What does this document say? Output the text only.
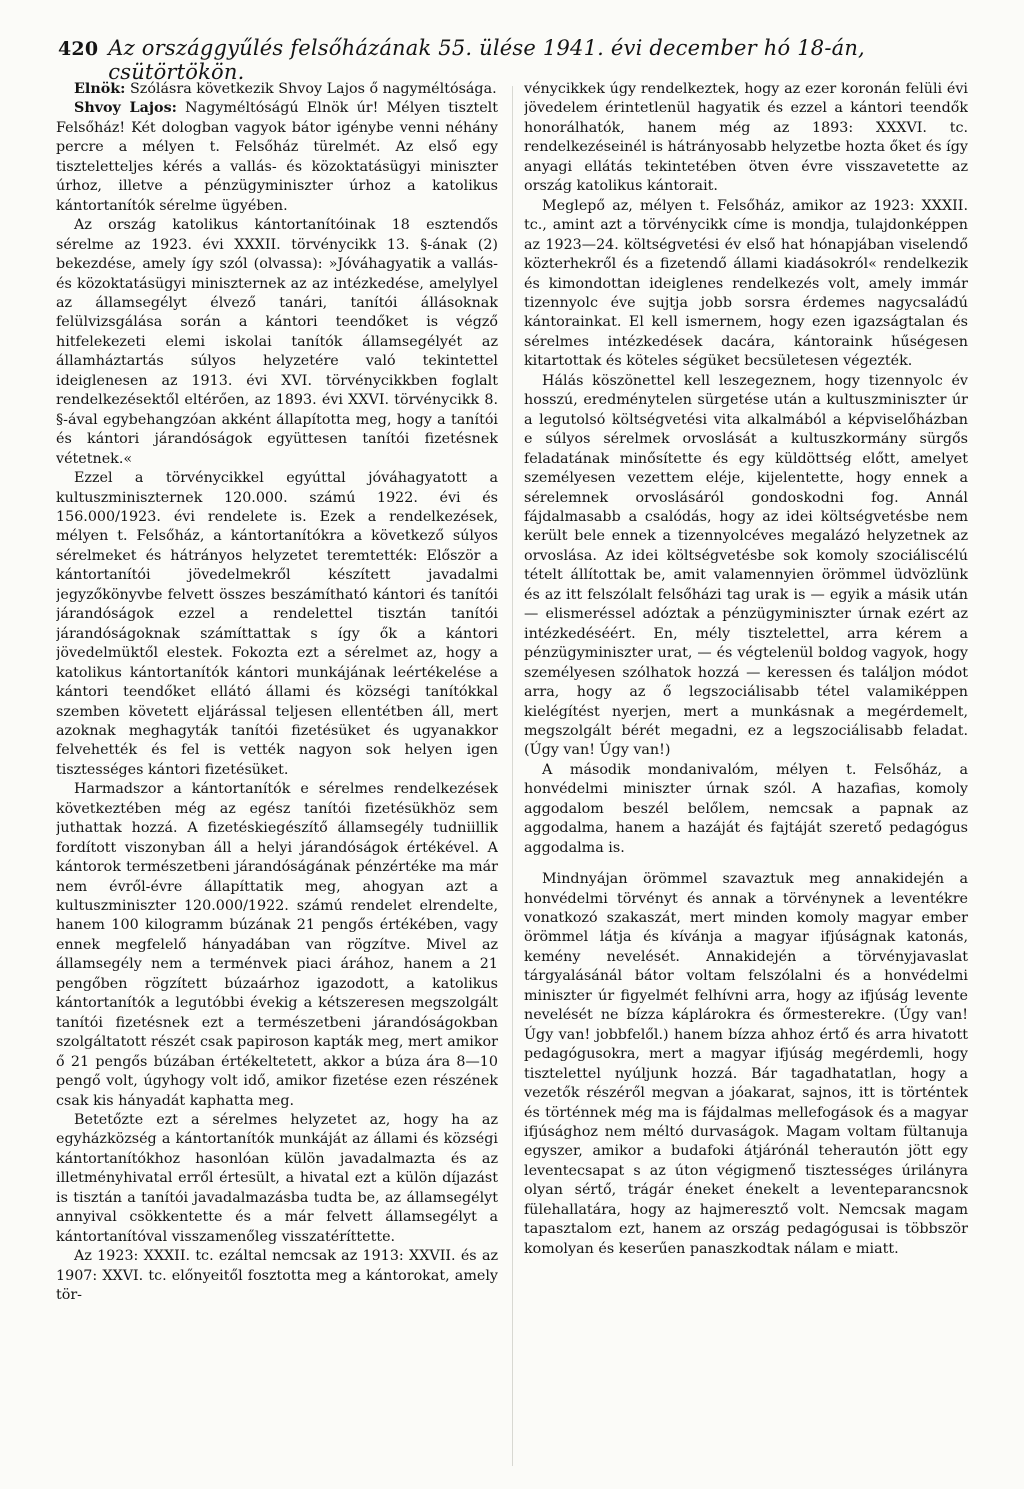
420 Az országgyűlés felsőházának 55. ülése 1941. évi december hó 18-án, csütörtökön.

Elnök: Szólásra következik Shvoy Lajos ő nagyméltósága.

Shvoy Lajos: Nagyméltóságú Elnök úr! Mélyen tisztelt Felsőház! Két dologban vagyok bátor igénybe venni néhány percre a mélyen t. Felsőház türelmét. Az első egy tiszteletteljes kérés a vallás- és közoktatásügyi miniszter úrhoz, illetve a pénzügyminiszter úrhoz a katolikus kántortanítók sérelme ügyében.

Az ország katolikus kántortanítóinak 18 esztendős sérelme az 1923. évi XXXII. törvénycikk 13. §-ának (2) bekezdése, amely így szól (olvassa): »Jóváhagyatik a vallás- és közoktatásügyi miniszternek az az intézkedése, amelylyel az államsegélyt élvező tanári, tanítói állásoknak felülvizsgálása során a kántori teendőket is végző hitfelekezeti elemi iskolai tanítók államsegélyét az államháztartás súlyos helyzetére való tekintettel ideiglenesen az 1913. évi XVI. törvénycikkben foglalt rendelkezésektől eltérően, az 1893. évi XXVI. törvénycikk 8. §-ával egybehangzóan akként állapította meg, hogy a tanítói és kántori járandóságok együttesen tanítói fizetésnek vétetnek.«

Ezzel a törvénycikkel egyúttal jóváhagyatott a kultuszminiszternek 120.000. számú 1922. évi és 156.000/1923. évi rendelete is. Ezek a rendelkezések, mélyen t. Felsőház, a kántortanítókra a következő súlyos sérelmeket és hátrányos helyzetet teremtették: Először a kántortanítói jövedelmekről készített javadalmi jegyzőkönyvbe felvett összes beszámítható kántori és tanítói járandóságok ezzel a rendelettel tisztán tanítói járandóságoknak számíttattak s így ők a kántori jövedelmüktől elestek. Fokozta ezt a sérelmet az, hogy a katolikus kántortanítók kántori munkájának leértékelése a kántori teendőket ellátó állami és községi tanítókkal szemben követett eljárással teljesen ellentétben áll, mert azoknak meghagyták tanítói fizetésüket és ugyanakkor felvehették és fel is vették nagyon sok helyen igen tisztességes kántori fizetésüket.

Harmadszor a kántortanítók e sérelmes rendelkezések következtében még az egész tanítói fizetésükhöz sem juthattak hozzá. A fizetéskiegészítő államsegély tudniillik fordított viszonyban áll a helyi járandóságok értékével. A kántorok természetbeni járandóságának pénzértéke ma már nem évről-évre állapíttatik meg, ahogyan azt a kultuszminiszter 120.000/1922. számú rendelet elrendelte, hanem 100 kilogramm búzának 21 pengős értékében, vagy ennek megfelelő hányadában van rögzítve. Mivel az államsegély nem a terménvek piaci árához, hanem a 21 pengőben rögzített búzaárhoz igazodott, a katolikus kántortanítók a legutóbbi évekig a kétszeresen megszolgált tanítói fizetésnek ezt a természetbeni járandóságokban szolgáltatott részét csak papiroson kapták meg, mert amikor ő 21 pengős búzában értékeltetett, akkor a búza ára 8—10 pengő volt, úgyhogy volt idő, amikor fizetése ezen részének csak kis hányadát kaphatta meg.

Betetőzte ezt a sérelmes helyzetet az, hogy ha az egyházközség a kántortanítók munkáját az állami és községi kántortanítókhoz hasonlóan külön javadalmazta és az illetményhivatal erről értesült, a hivatal ezt a külön díjazást is tisztán a tanítói javadalmazásba tudta be, az államsegélyt annyival csökkentette és a már felvett államsegélyt a kántortanítóval visszamenőleg visszatéríttette.

Az 1923: XXXII. tc. ezáltal nemcsak az 1913: XXVII. és az 1907: XXVI. tc. előnyeitől fosztotta meg a kántorokat, amely tör-

vénycikkek úgy rendelkeztek, hogy az ezer koronán felüli évi jövedelem érintetlenül hagyatik és ezzel a kántori teendők honorálhatók, hanem még az 1893: XXXVI. tc. rendelkezéseinél is hátrányosabb helyzetbe hozta őket és így anyagi ellátás tekintetében ötven évre visszavetette az ország katolikus kántorait.

Meglepő az, mélyen t. Felsőház, amikor az 1923: XXXII. tc., amint azt a törvénycikk címe is mondja, tulajdonképpen az 1923—24. költségvetési év első hat hónapjában viselendő közterhekről és a fizetendő állami kiadásokról« rendelkezik és kimondottan ideiglenes rendelkezés volt, amely immár tizennyolc éve sujtja jobb sorsra érdemes nagycsaládú kántorainkat. El kell ismernem, hogy ezen igazságtalan és sérelmes intézkedések dacára, kántoraink hűségesen kitartottak és köteles ségüket becsületesen végezték.

Hálás köszönettel kell leszegeznem, hogy tizennyolc év hosszú, eredménytelen sürgetése után a kultuszminiszter úr a legutolsó költségvetési vita alkalmából a képviselőházban e súlyos sérelmek orvoslását a kultuszkormány sürgős feladatának minősítette és egy küldöttség előtt, amelyet személyesen vezettem eléje, kijelentette, hogy ennek a sérelemnek orvoslásáról gondoskodni fog. Annál fájdalmasabb a csalódás, hogy az idei költségvetésbe nem került bele ennek a tizennyolcéves megalázó helyzetnek az orvoslása. Az idei költségvetésbe sok komoly szociáliscélú tételt állítottak be, amit valamennyien örömmel üdvözlünk és az itt felszólalt felsőházi tag urak is — egyik a másik után — elismeréssel adóztak a pénzügyminiszter úrnak ezért az intézkedéséért. En, mély tisztelettel, arra kérem a pénzügyminiszter urat, — és végtelenül boldog vagyok, hogy személyesen szólhatok hozzá — keressen és találjon módot arra, hogy az ő legszociálisabb tétel valamiképpen kielégítést nyerjen, mert a munkásnak a megérdemelt, megszolgált bérét megadni, ez a legszociálisabb feladat. (Úgy van! Úgy van!)

A második mondanivalóm, mélyen t. Felsőház, a honvédelmi miniszter úrnak szól. A hazafias, komoly aggodalom beszél belőlem, nemcsak a papnak az aggodalma, hanem a hazáját és fajtáját szerető pedagógus aggodalma is.

Mindnyájan örömmel szavaztuk meg annakidején a honvédelmi törvényt és annak a törvénynek a leventékre vonatkozó szakaszát, mert minden komoly magyar ember örömmel látja és kívánja a magyar ifjúságnak katonás, kemény nevelését. Annakidején a törvényjavaslat tárgyalásánál bátor voltam felszólalni és a honvédelmi miniszter úr figyelmét felhívni arra, hogy az ifjúság levente nevelését ne bízza káplárokra és őrmesterekre. (Úgy van! Úgy van! jobbfelől.) hanem bízza ahhoz értő és arra hivatott pedagógusokra, mert a magyar ifjúság megérdemli, hogy tisztelettel nyúljunk hozzá. Bár tagadhatatlan, hogy a vezetők részéről megvan a jóakarat, sajnos, itt is történtek és történnek még ma is fájdalmas mellefogások és a magyar ifjúsághoz nem méltó durvaságok. Magam voltam fültanuja egyszer, amikor a budafoki átjárónál teherautón jött egy leventecsapat s az úton végigmenő tisztességes úrilányra olyan sértő, trágár éneket énekelt a leventeparancsnok fülehallatára, hogy az hajmeresztő volt. Nemcsak magam tapasztalom ezt, hanem az ország pedagógusai is többször komolyan és keserűen panaszkodtak nálam e miatt.
